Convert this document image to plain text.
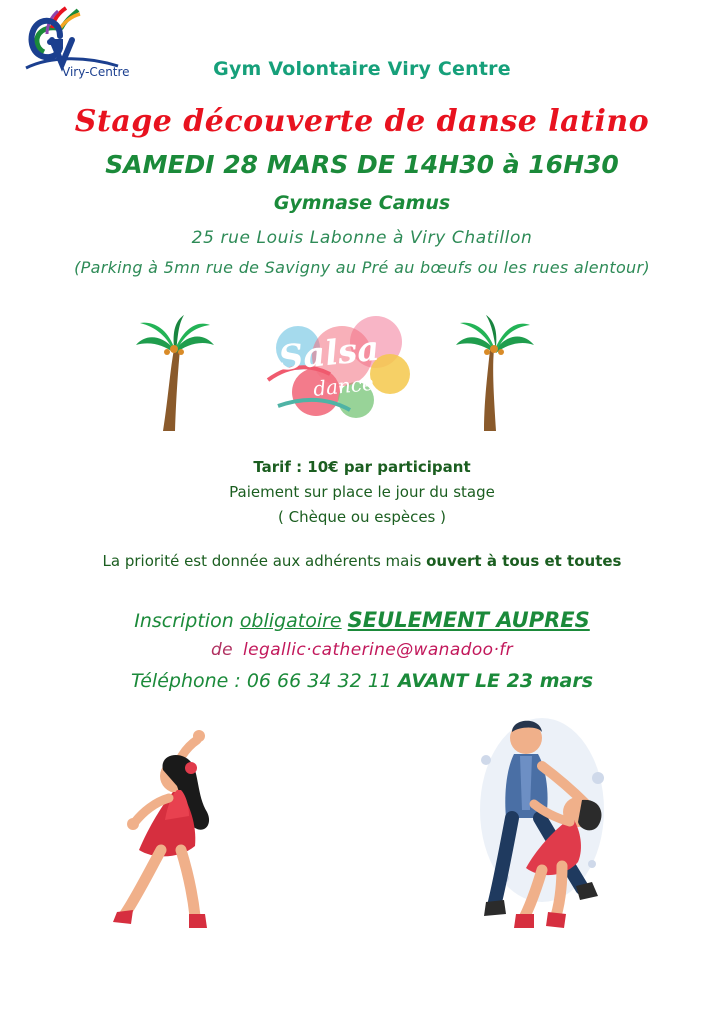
Viry-Centre	Gym Volontaire Viry Centre
Stage découverte de danse latino
SAMEDI 28 MARS DE 14H30 à 16H30
Gymnase Camus
25 rue Louis Labonne à Viry Chatillon
(Parking à 5mn rue de Savigny au Pré au bœufs ou les rues alentour)
Salsa
dance
Tarif : 10€ par participant
Paiement sur place le jour du stage
( Chèque ou espèces )
La priorité est donnée aux adhérents mais ouvert à tous et toutes
Inscription obligatoire SEULEMENT AUPRES
de legallic·catherine@wanadoo·fr
Téléphone : 06 66 34 32 11 AVANT LE 23 mars
